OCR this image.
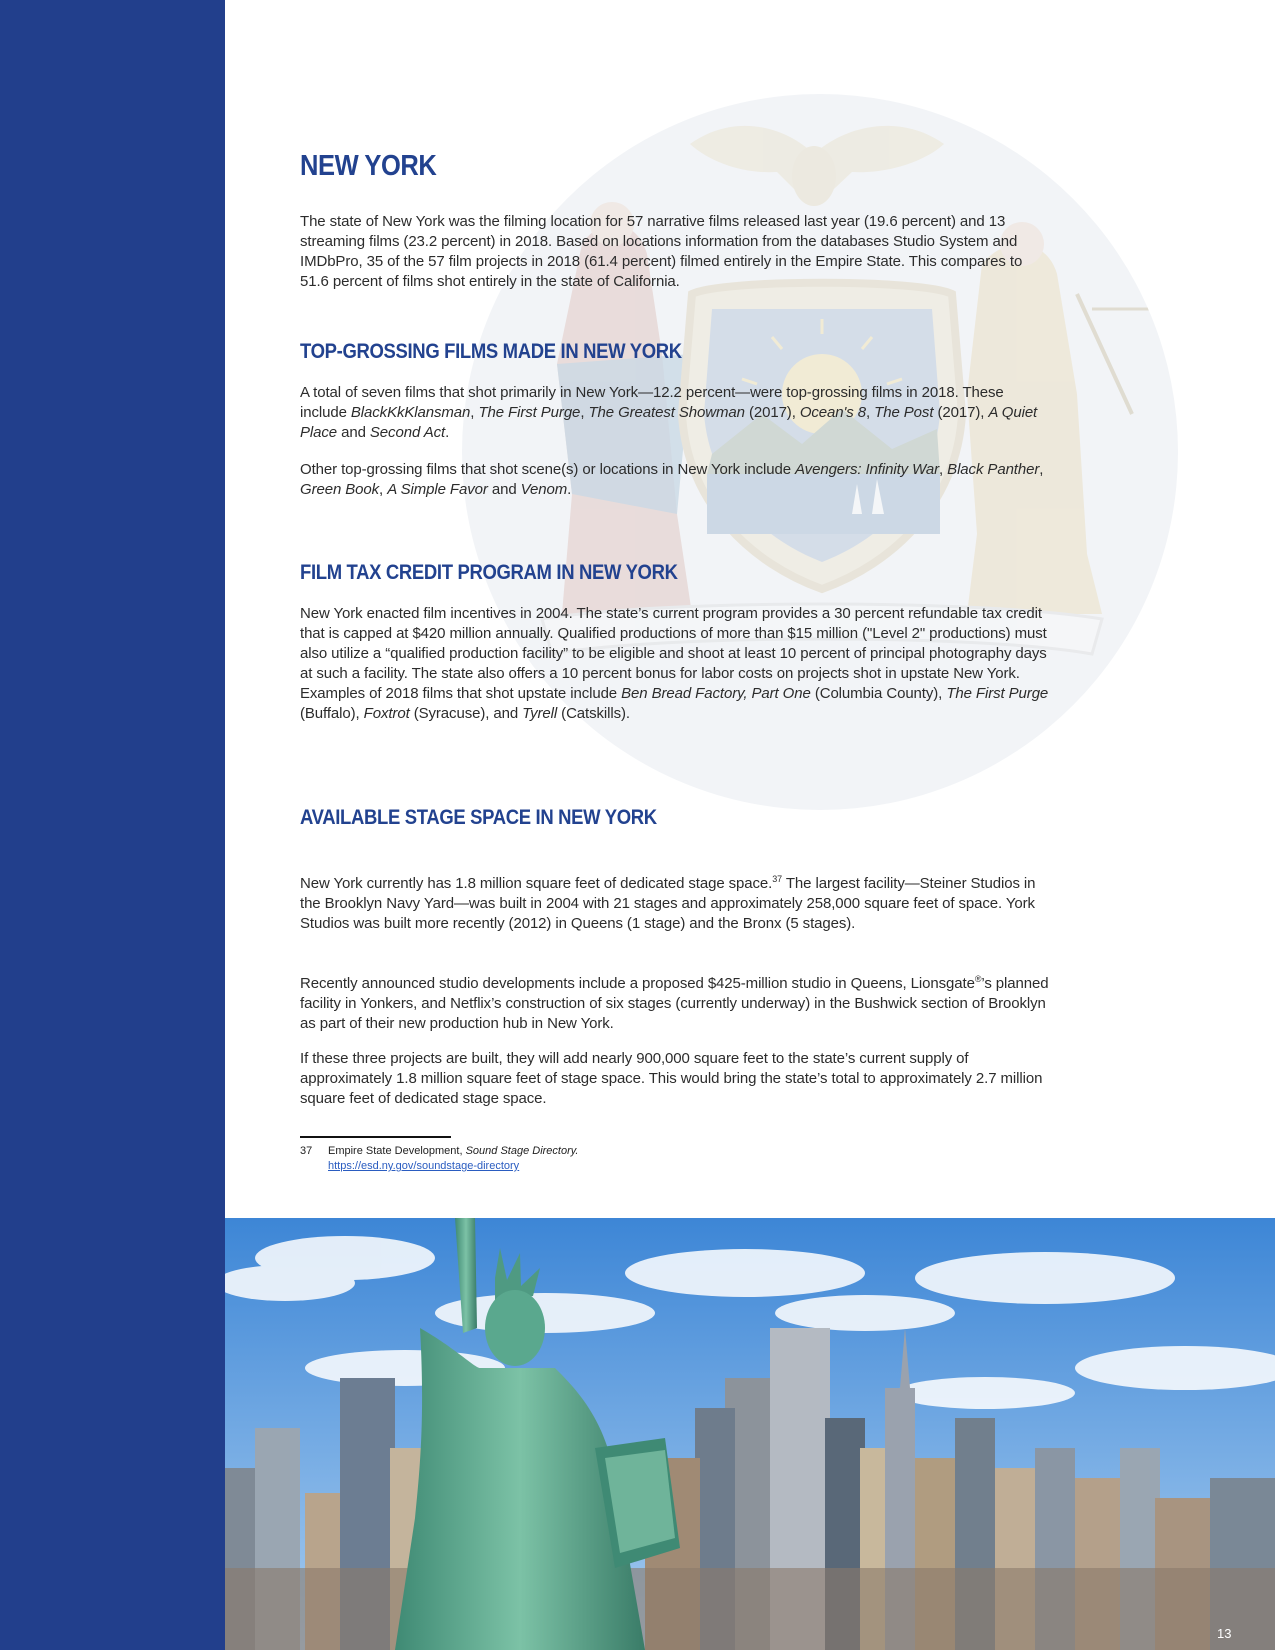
NEW YORK

The state of New York was the filming location for 57 narrative films released last year (19.6 percent) and 13 streaming films (23.2 percent) in 2018. Based on locations information from the databases Studio System and IMDbPro, 35 of the 57 film projects in 2018 (61.4 percent) filmed entirely in the Empire State. This compares to 51.6 percent of films shot entirely in the state of California.

TOP-GROSSING FILMS MADE IN NEW YORK

A total of seven films that shot primarily in New York—12.2 percent—were top-grossing films in 2018. These include BlackKkKlansman, The First Purge, The Greatest Showman (2017), Ocean's 8, The Post (2017), A Quiet Place and Second Act.

Other top-grossing films that shot scene(s) or locations in New York include Avengers: Infinity War, Black Panther, Green Book, A Simple Favor and Venom.

FILM TAX CREDIT PROGRAM IN NEW YORK

New York enacted film incentives in 2004. The state’s current program provides a 30 percent refundable tax credit that is capped at $420 million annually. Qualified productions of more than $15 million ("Level 2" productions) must also utilize a “qualified production facility” to be eligible and shoot at least 10 percent of principal photography days at such a facility. The state also offers a 10 percent bonus for labor costs on projects shot in upstate New York. Examples of 2018 films that shot upstate include Ben Bread Factory, Part One (Columbia County), The First Purge (Buffalo), Foxtrot (Syracuse), and Tyrell (Catskills).

AVAILABLE STAGE SPACE IN NEW YORK

New York currently has 1.8 million square feet of dedicated stage space.$^{37}$ The largest facility—Steiner Studios in the Brooklyn Navy Yard—was built in 2004 with 21 stages and approximately 258,000 square feet of space. York Studios was built more recently (2012) in Queens (1 stage) and the Bronx (5 stages).

Recently announced studio developments include a proposed $425-million studio in Queens, Lionsgate®’s planned facility in Yonkers, and Netflix’s construction of six stages (currently underway) in the Bushwick section of Brooklyn as part of their new production hub in New York.

If these three projects are built, they will add nearly 900,000 square feet to the state’s current supply of approximately 1.8 million square feet of stage space. This would bring the state’s total to approximately 2.7 million square feet of dedicated stage space.

37 Empire State Development, Sound Stage Directory.
https://esd.ny.gov/soundstage-directory
13
